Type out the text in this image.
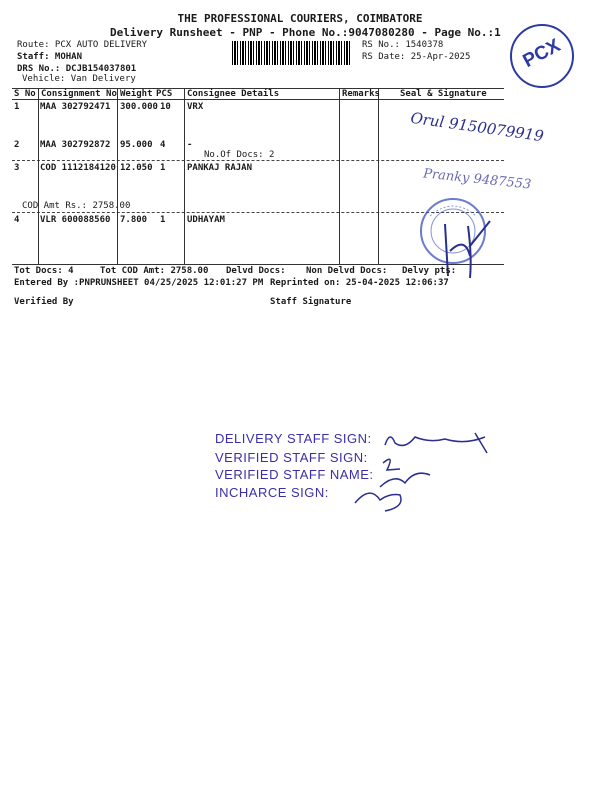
THE PROFESSIONAL COURIERS, COIMBATORE
Delivery Runsheet - PNP - Phone No.:9047080280 - Page No.:1
Route: PCX AUTO DELIVERY
Staff: MOHAN
DRS No.: DCJB154037801
Vehicle: Van Delivery
RS No.: 1540378
RS Date: 25-Apr-2025	PCX
S No Consignment No Weight PCS Consignee Details	Remarks Seal & Signature
1 MAA 302792471 300.000 10 VRX
2 MAA 302792872 95.000 4 -
No.Of Docs: 2
3 COD 1112184120 12.050 1 PANKAJ RAJAN
COD Amt Rs.: 2758.00
4 VLR 600088560 7.800 1 UDHAYAM
Orul 9150079919
Pranky 9487553
Tot Docs: 4	Tot COD Amt: 2758.00 Delvd Docs: Non Delvd Docs: Delvy pts:
Entered By :PNPRUNSHEET 04/25/2025 12:01:27 PM Reprinted on: 25-04-2025 12:06:37
Verified By	Staff Signature
DELIVERY STAFF SIGN:
VERIFIED STAFF SIGN:
VERIFIED STAFF NAME:
INCHARCE SIGN:
